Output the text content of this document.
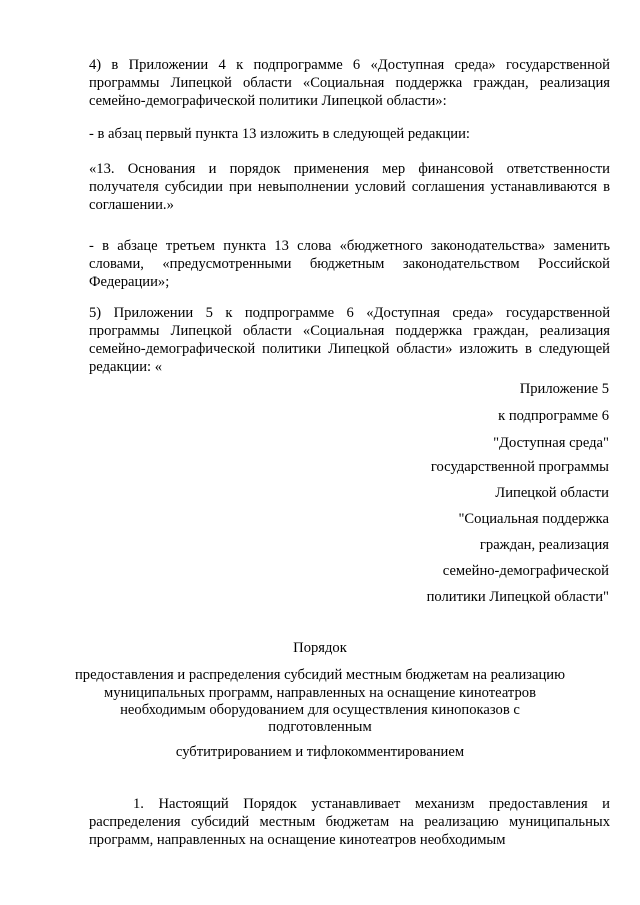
4) в Приложении 4 к подпрограмме 6 «Доступная среда» государственной программы Липецкой области «Социальная поддержка граждан, реализация семейно-демографической политики Липецкой области»:

- в абзац первый пункта 13 изложить в следующей редакции:

«13. Основания и порядок применения мер финансовой ответственности получателя субсидии при невыполнении условий соглашения устанавливаются в соглашении.»

- в абзаце третьем пункта 13 слова «бюджетного законодательства» заменить словами, «предусмотренными бюджетным законодательством Российской Федерации»;

5) Приложении 5 к подпрограмме 6 «Доступная среда» государственной программы Липецкой области «Социальная поддержка граждан, реализация семейно-демографической политики Липецкой области» изложить в следующей редакции: «

Приложение 5

к подпрограмме 6

"Доступная среда"

государственной программы

Липецкой области

"Социальная поддержка

граждан, реализация

семейно-демографической

политики Липецкой области"

Порядок

предоставления и распределения субсидий местным бюджетам на реализацию

муниципальных программ, направленных на оснащение кинотеатров

необходимым оборудованием для осуществления кинопоказов с

подготовленным

субтитрированием и тифлокомментированием

1. Настоящий Порядок устанавливает механизм предоставления и распределения субсидий местным бюджетам на реализацию муниципальных программ, направленных на оснащение кинотеатров необходимым
